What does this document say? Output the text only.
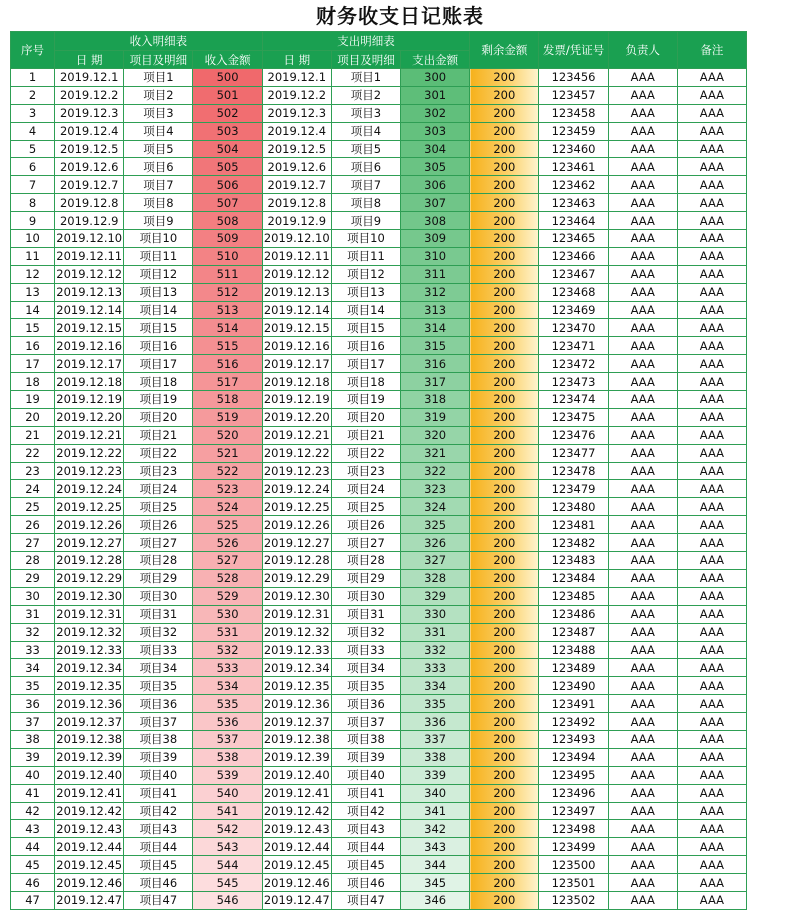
财务收支日记账表
序号	收入明细表			支出明细表			剩余金额	发票/凭证号	负责人	备注
	日 期	项目及明细	收入金额	日 期	项目及明细	支出金额				
1	2019.12.1	项目1	500	2019.12.1	项目1	300	200	123456	AAA	AAA
2	2019.12.2	项目2	501	2019.12.2	项目2	301	200	123457	AAA	AAA
3	2019.12.3	项目3	502	2019.12.3	项目3	302	200	123458	AAA	AAA
4	2019.12.4	项目4	503	2019.12.4	项目4	303	200	123459	AAA	AAA
5	2019.12.5	项目5	504	2019.12.5	项目5	304	200	123460	AAA	AAA
6	2019.12.6	项目6	505	2019.12.6	项目6	305	200	123461	AAA	AAA
7	2019.12.7	项目7	506	2019.12.7	项目7	306	200	123462	AAA	AAA
8	2019.12.8	项目8	507	2019.12.8	项目8	307	200	123463	AAA	AAA
9	2019.12.9	项目9	508	2019.12.9	项目9	308	200	123464	AAA	AAA
10	2019.12.10	项目10	509	2019.12.10	项目10	309	200	123465	AAA	AAA
11	2019.12.11	项目11	510	2019.12.11	项目11	310	200	123466	AAA	AAA
12	2019.12.12	项目12	511	2019.12.12	项目12	311	200	123467	AAA	AAA
13	2019.12.13	项目13	512	2019.12.13	项目13	312	200	123468	AAA	AAA
14	2019.12.14	项目14	513	2019.12.14	项目14	313	200	123469	AAA	AAA
15	2019.12.15	项目15	514	2019.12.15	项目15	314	200	123470	AAA	AAA
16	2019.12.16	项目16	515	2019.12.16	项目16	315	200	123471	AAA	AAA
17	2019.12.17	项目17	516	2019.12.17	项目17	316	200	123472	AAA	AAA
18	2019.12.18	项目18	517	2019.12.18	项目18	317	200	123473	AAA	AAA
19	2019.12.19	项目19	518	2019.12.19	项目19	318	200	123474	AAA	AAA
20	2019.12.20	项目20	519	2019.12.20	项目20	319	200	123475	AAA	AAA
21	2019.12.21	项目21	520	2019.12.21	项目21	320	200	123476	AAA	AAA
22	2019.12.22	项目22	521	2019.12.22	项目22	321	200	123477	AAA	AAA
23	2019.12.23	项目23	522	2019.12.23	项目23	322	200	123478	AAA	AAA
24	2019.12.24	项目24	523	2019.12.24	项目24	323	200	123479	AAA	AAA
25	2019.12.25	项目25	524	2019.12.25	项目25	324	200	123480	AAA	AAA
26	2019.12.26	项目26	525	2019.12.26	项目26	325	200	123481	AAA	AAA
27	2019.12.27	项目27	526	2019.12.27	项目27	326	200	123482	AAA	AAA
28	2019.12.28	项目28	527	2019.12.28	项目28	327	200	123483	AAA	AAA
29	2019.12.29	项目29	528	2019.12.29	项目29	328	200	123484	AAA	AAA
30	2019.12.30	项目30	529	2019.12.30	项目30	329	200	123485	AAA	AAA
31	2019.12.31	项目31	530	2019.12.31	项目31	330	200	123486	AAA	AAA
32	2019.12.32	项目32	531	2019.12.32	项目32	331	200	123487	AAA	AAA
33	2019.12.33	项目33	532	2019.12.33	项目33	332	200	123488	AAA	AAA
34	2019.12.34	项目34	533	2019.12.34	项目34	333	200	123489	AAA	AAA
35	2019.12.35	项目35	534	2019.12.35	项目35	334	200	123490	AAA	AAA
36	2019.12.36	项目36	535	2019.12.36	项目36	335	200	123491	AAA	AAA
37	2019.12.37	项目37	536	2019.12.37	项目37	336	200	123492	AAA	AAA
38	2019.12.38	项目38	537	2019.12.38	项目38	337	200	123493	AAA	AAA
39	2019.12.39	项目39	538	2019.12.39	项目39	338	200	123494	AAA	AAA
40	2019.12.40	项目40	539	2019.12.40	项目40	339	200	123495	AAA	AAA
41	2019.12.41	项目41	540	2019.12.41	项目41	340	200	123496	AAA	AAA
42	2019.12.42	项目42	541	2019.12.42	项目42	341	200	123497	AAA	AAA
43	2019.12.43	项目43	542	2019.12.43	项目43	342	200	123498	AAA	AAA
44	2019.12.44	项目44	543	2019.12.44	项目44	343	200	123499	AAA	AAA
45	2019.12.45	项目45	544	2019.12.45	项目45	344	200	123500	AAA	AAA
46	2019.12.46	项目46	545	2019.12.46	项目46	345	200	123501	AAA	AAA
47	2019.12.47	项目47	546	2019.12.47	项目47	346	200	123502	AAA	AAA
